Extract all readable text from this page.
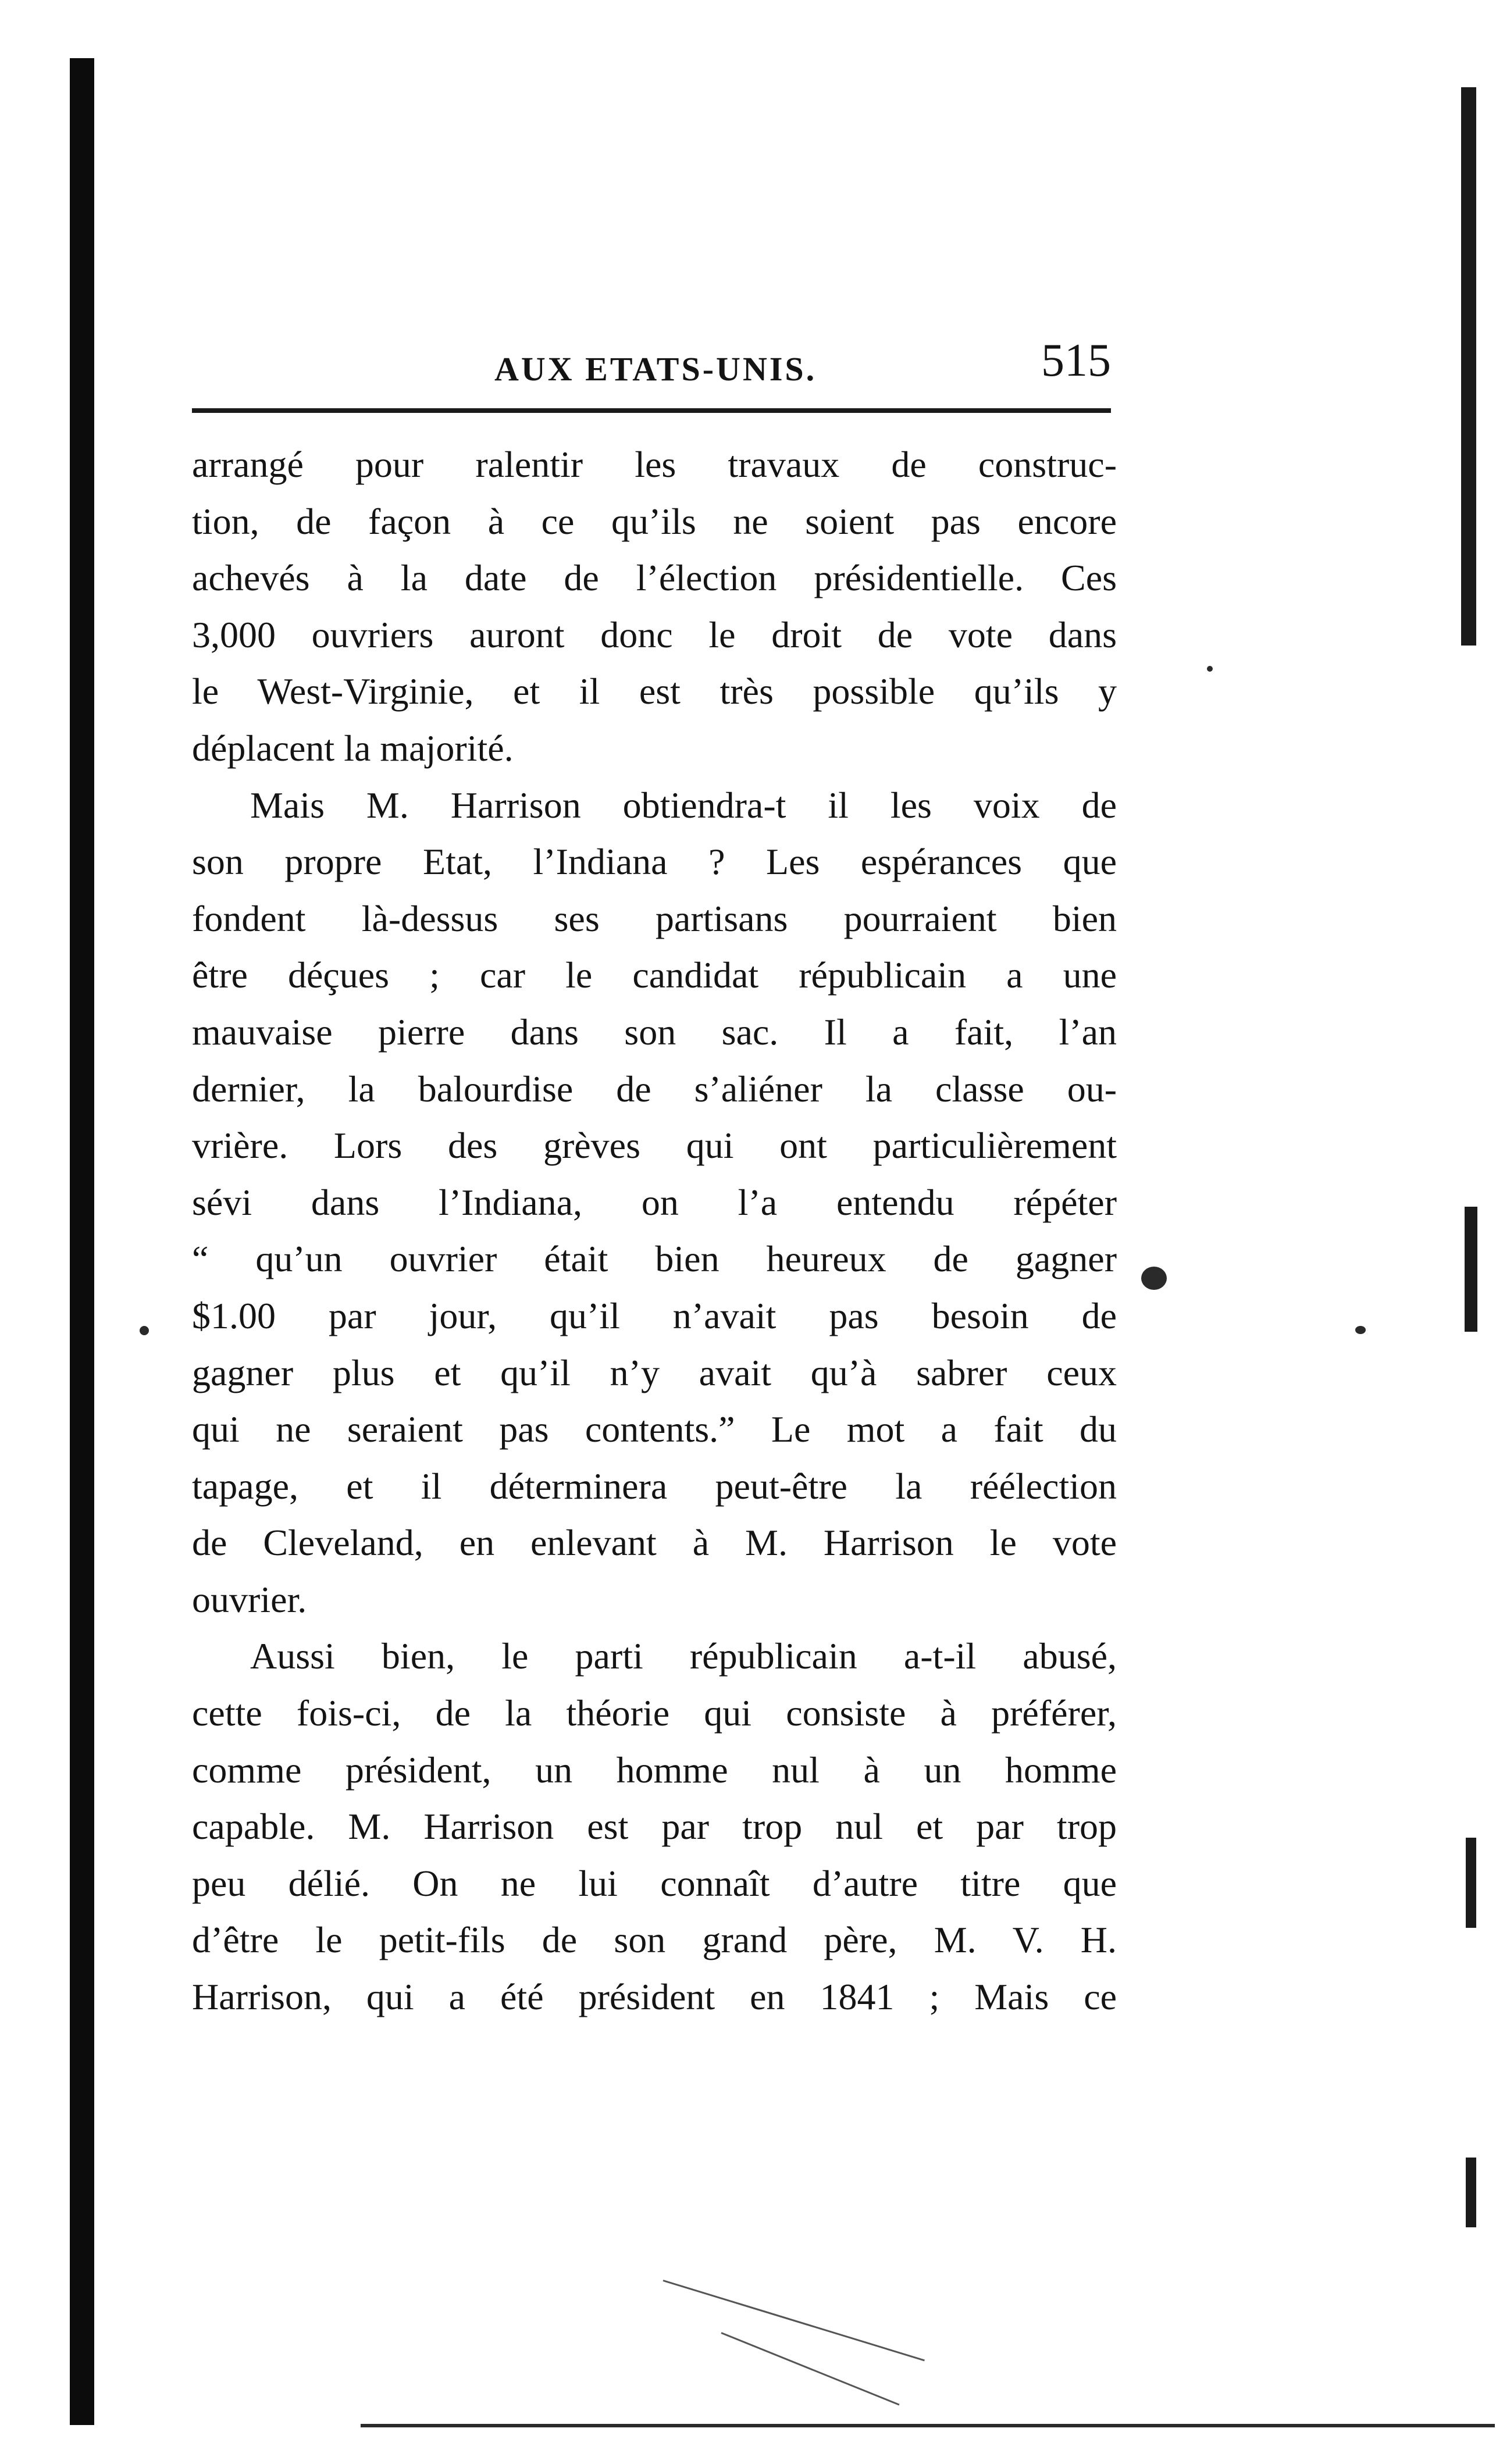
AUX ETATS-UNIS.	515
arrangé pour ralentir les travaux de construc-
tion, de façon à ce qu’ils ne soient pas encore
achevés à la date de l’élection présidentielle. Ces
3,000 ouvriers auront donc le droit de vote dans
le West-Virginie, et il est très possible qu’ils y
déplacent la majorité.
Mais M. Harrison obtiendra-t il les voix de
son propre Etat, l’Indiana ? Les espérances que
fondent là-dessus ses partisans pourraient bien
être déçues ; car le candidat républicain a une
mauvaise pierre dans son sac. Il a fait, l’an
dernier, la balourdise de s’aliéner la classe ou-
vrière. Lors des grèves qui ont particulièrement
sévi dans l’Indiana, on l’a entendu répéter
“ qu’un ouvrier était bien heureux de gagner
$1.00 par jour, qu’il n’avait pas besoin de
gagner plus et qu’il n’y avait qu’à sabrer ceux
qui ne seraient pas contents.” Le mot a fait du
tapage, et il déterminera peut-être la réélection
de Cleveland, en enlevant à M. Harrison le vote
ouvrier.
Aussi bien, le parti républicain a-t-il abusé,
cette fois-ci, de la théorie qui consiste à préférer,
comme président, un homme nul à un homme
capable. M. Harrison est par trop nul et par trop
peu délié. On ne lui connaît d’autre titre que
d’être le petit-fils de son grand père, M. V. H.
Harrison, qui a été président en 1841 ; Mais ce
